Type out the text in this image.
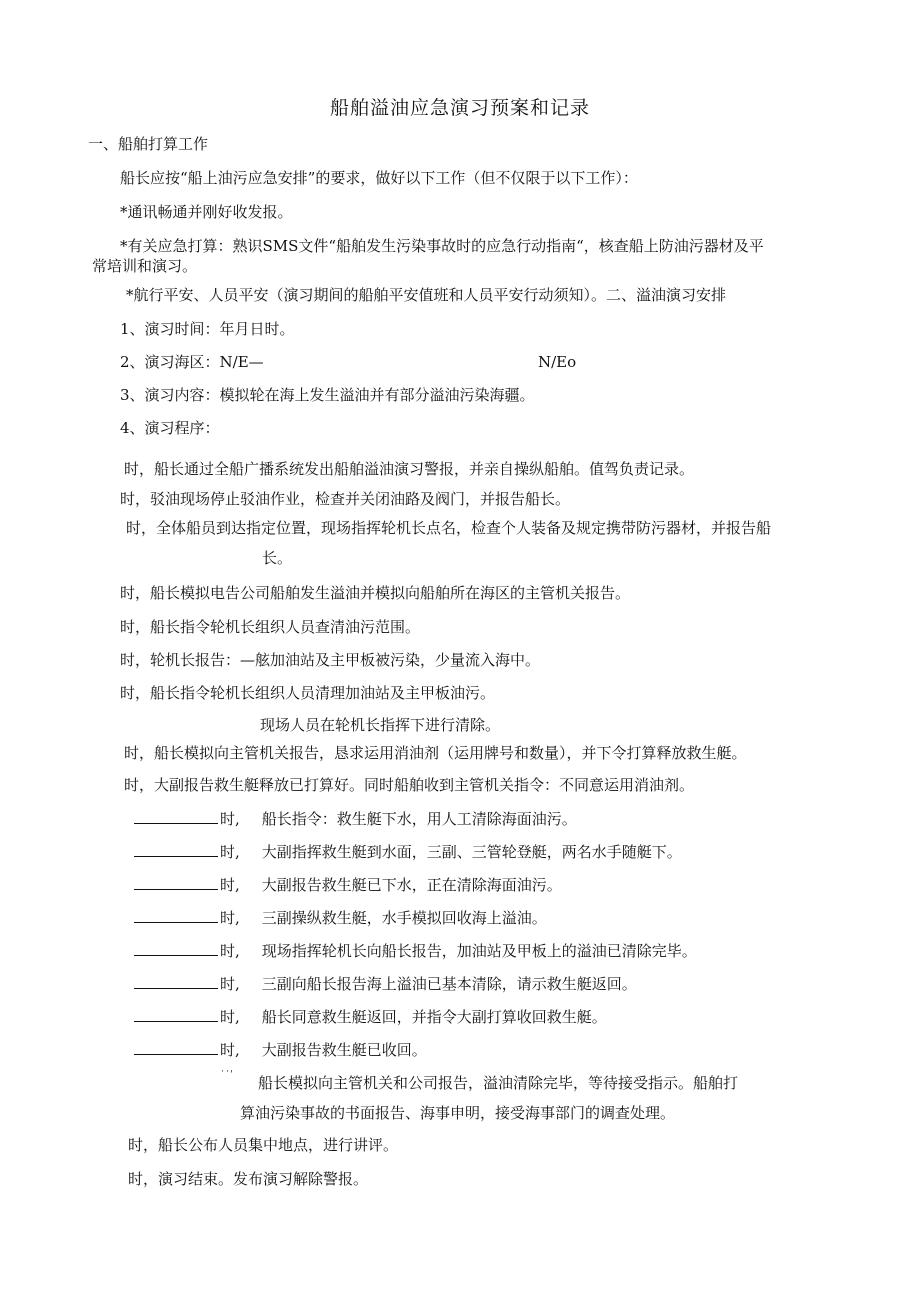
船舶溢油应急演习预案和记录
一、船舶打算工作
船长应按“船上油污应急安排”的要求，做好以下工作（但不仅限于以下工作）：
*通讯畅通并刚好收发报。
*有关应急打算：熟识SMS文件“船舶发生污染事故时的应急行动指南“，核查船上防油污器材及平
常培训和演习。
*航行平安、人员平安（演习期间的船舶平安值班和人员平安行动须知）。二、溢油演习安排
1、演习时间：年月日时。
2、演习海区：N/E—	N/Eo
3、演习内容：模拟轮在海上发生溢油并有部分溢油污染海疆。
4、演习程序：
时，船长通过全船广播系统发出船舶溢油演习警报，并亲自操纵船舶。值驾负责记录。
时，驳油现场停止驳油作业，检查并关闭油路及阀门，并报告船长。
时，全体船员到达指定位置，现场指挥轮机长点名，检查个人装备及规定携带防污器材，并报告船
长。
时，船长模拟电告公司船舶发生溢油并模拟向船舶所在海区的主管机关报告。
时，船长指令轮机长组织人员查清油污范围。
时，轮机长报告：—舷加油站及主甲板被污染，少量流入海中。
时，船长指令轮机长组织人员清理加油站及主甲板油污。
现场人员在轮机长指挥下进行清除。
时，船长模拟向主管机关报告，恳求运用消油剂（运用牌号和数量），并下令打算释放救生艇。
时，大副报告救生艇释放已打算好。同时船舶收到主管机关指令：不同意运用消油剂。
时, 船长指令：救生艇下水，用人工清除海面油污。
时, 大副指挥救生艇到水面，三副、三管轮登艇，两名水手随艇下。
时, 大副报告救生艇已下水，正在清除海面油污。
时, 三副操纵救生艇，水手模拟回收海上溢油。
时, 现场指挥轮机长向船长报告，加油站及甲板上的溢油已清除完毕。
时, 三副向船长报告海上溢油已基本清除，请示救生艇返回。
时, 船长同意救生艇返回，并指令大副打算收回救生艇。
时, 大副报告救生艇已收回。
˙˙ˈ 船长模拟向主管机关和公司报告，溢油清除完毕，等待接受指示。船舶打
算油污染事故的书面报告、海事申明，接受海事部门的调查处理。
时，船长公布人员集中地点，进行讲评。
时，演习结束。发布演习解除警报。
